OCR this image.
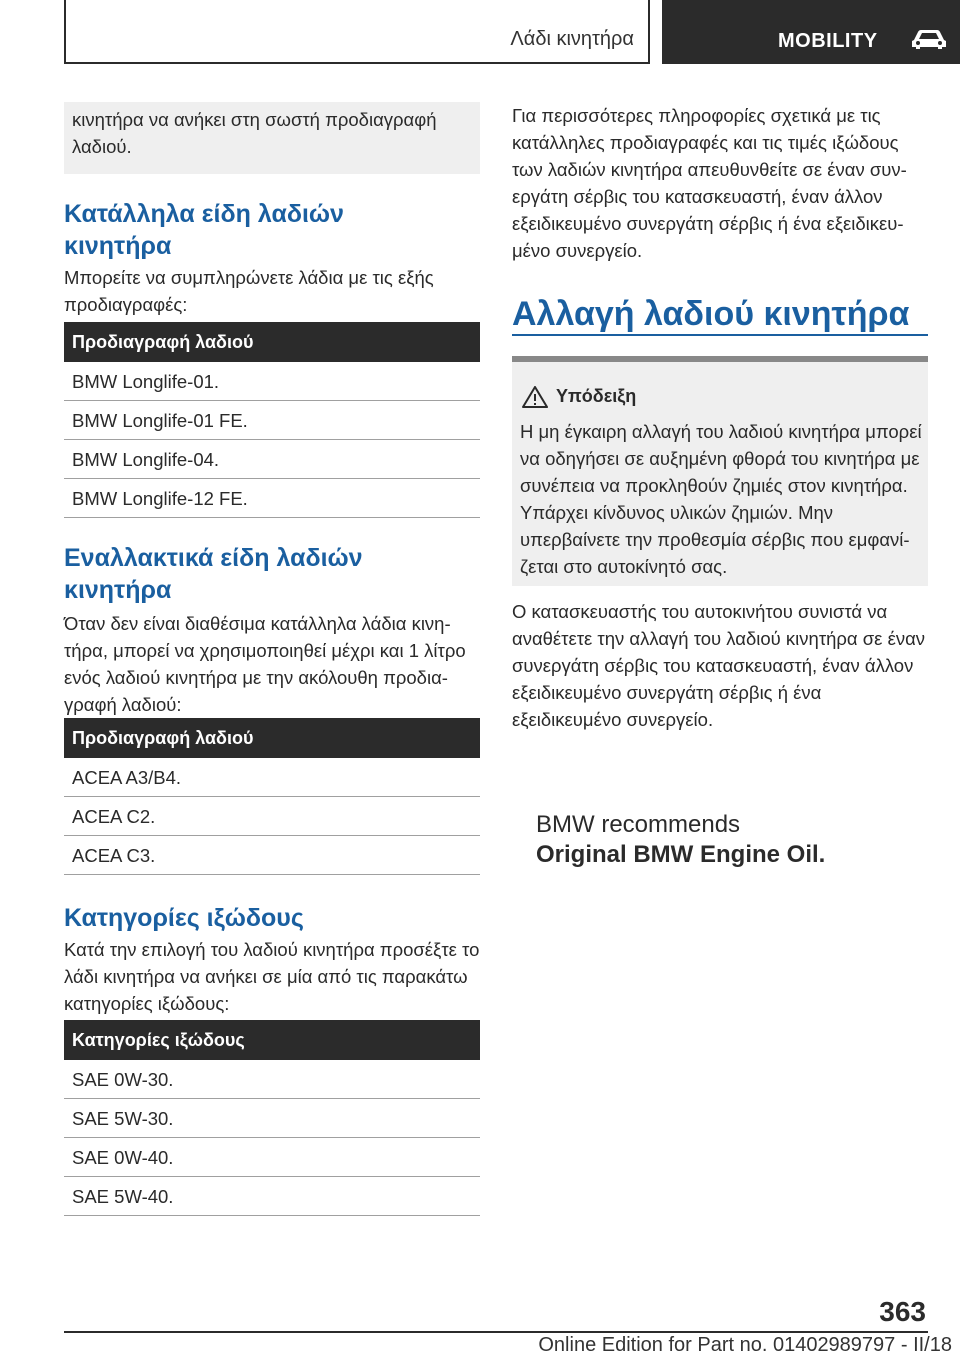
Λάδι κινητήρα	MOBILITY

κινητήρα να ανήκει στη σωστή προδιαγραφή λαδιού.

Κατάλληλα είδη λαδιών
κινητήρα

Μπορείτε να συμπληρώνετε λάδια με τις εξής προδιαγραφές:

Προδιαγραφή λαδιού
BMW Longlife-01.
BMW Longlife-01 FE.
BMW Longlife-04.
BMW Longlife-12 FE.
Εναλλακτικά είδη λαδιών
κινητήρα

Όταν δεν είναι διαθέσιμα κατάλληλα λάδια κινητήρα, μπορεί να χρησιμοποιηθεί μέχρι και 1 λίτρο ενός λαδιού κινητήρα με την ακόλουθη προδιαγραφή λαδιού:

Προδιαγραφή λαδιού
ACEA A3/B4.
ACEA C2.
ACEA C3.
Κατηγορίες ιξώδους

Κατά την επιλογή του λαδιού κινητήρα προσέξτε το λάδι κινητήρα να ανήκει σε μία από τις παρακάτω κατηγορίες ιξώδους:

Κατηγορίες ιξώδους
SAE 0W-30.
SAE 5W-30.
SAE 0W-40.
SAE 5W-40.

Για περισσότερες πληροφορίες σχετικά με τις κατάλληλες προδιαγραφές και τις τιμές ιξώδους των λαδιών κινητήρα απευθυνθείτε σε έναν συνεργάτη σέρβις του κατασκευαστή, έναν άλλον εξειδικευμένο συνεργάτη σέρβις ή ένα εξειδικευμένο συνεργείο.

Αλλαγή λαδιού κινητήρα
Υπόδειξη

Η μη έγκαιρη αλλαγή του λαδιού κινητήρα μπορεί να οδηγήσει σε αυξημένη φθορά του κινητήρα με συνέπεια να προκληθούν ζημιές στον κινητήρα. Υπάρχει κίνδυνος υλικών ζημιών. Μην υπερβαίνετε την προθεσμία σέρβις που εμφανίζεται στο αυτοκίνητό σας.

Ο κατασκευαστής του αυτοκινήτου συνιστά να αναθέτετε την αλλαγή του λαδιού κινητήρα σε έναν συνεργάτη σέρβις του κατασκευαστή, έναν άλλον εξειδικευμένο συνεργάτη σέρβις ή ένα εξειδικευμένο συνεργείο.

BMW recommends
Original BMW Engine Oil.
363
Online Edition for Part no. 01402989797 - II/18
